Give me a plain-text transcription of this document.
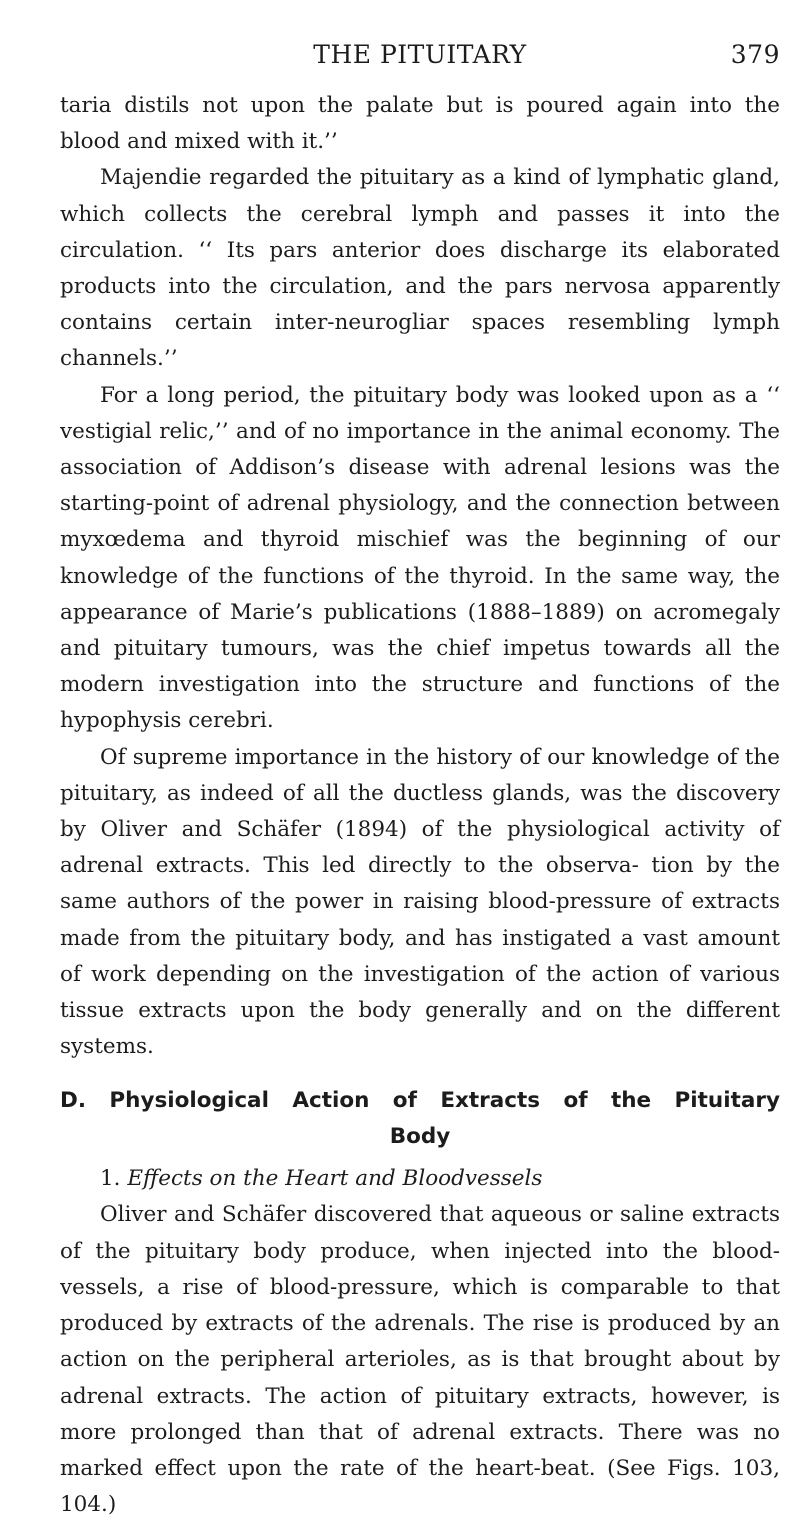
THE PITUITARY	379

taria distils not upon the palate but is poured again into the blood and mixed with it.’’

Majendie regarded the pituitary as a kind of lymphatic gland, which collects the cerebral lymph and passes it into the circulation. ‘‘ Its pars anterior does discharge its elaborated products into the circulation, and the pars nervosa apparently contains certain inter-neurogliar spaces resembling lymph channels.’’

For a long period, the pituitary body was looked upon as a ‘‘ vestigial relic,’’ and of no importance in the animal economy. The association of Addison’s disease with adrenal lesions was the starting-point of adrenal physiology, and the connection between myxœdema and thyroid mischief was the beginning of our knowledge of the functions of the thyroid. In the same way, the appearance of Marie’s publications (1888–1889) on acromegaly and pituitary tumours, was the chief impetus towards all the modern investigation into the structure and functions of the hypophysis cerebri.

Of supreme importance in the history of our knowledge of the pituitary, as indeed of all the ductless glands, was the discovery by Oliver and Schäfer (1894) of the physiological activity of adrenal extracts. This led directly to the observa- tion by the same authors of the power in raising blood-pressure of extracts made from the pituitary body, and has instigated a vast amount of work depending on the investigation of the action of various tissue extracts upon the body generally and on the different systems.

D. Physiological Action of Extracts of the Pituitary
Body
1. Effects on the Heart and Bloodvessels

Oliver and Schäfer discovered that aqueous or saline extracts of the pituitary body produce, when injected into the blood- vessels, a rise of blood-pressure, which is comparable to that produced by extracts of the adrenals. The rise is produced by an action on the peripheral arterioles, as is that brought about by adrenal extracts. The action of pituitary extracts, however, is more prolonged than that of adrenal extracts. There was no marked effect upon the rate of the heart-beat. (See Figs. 103, 104.)
